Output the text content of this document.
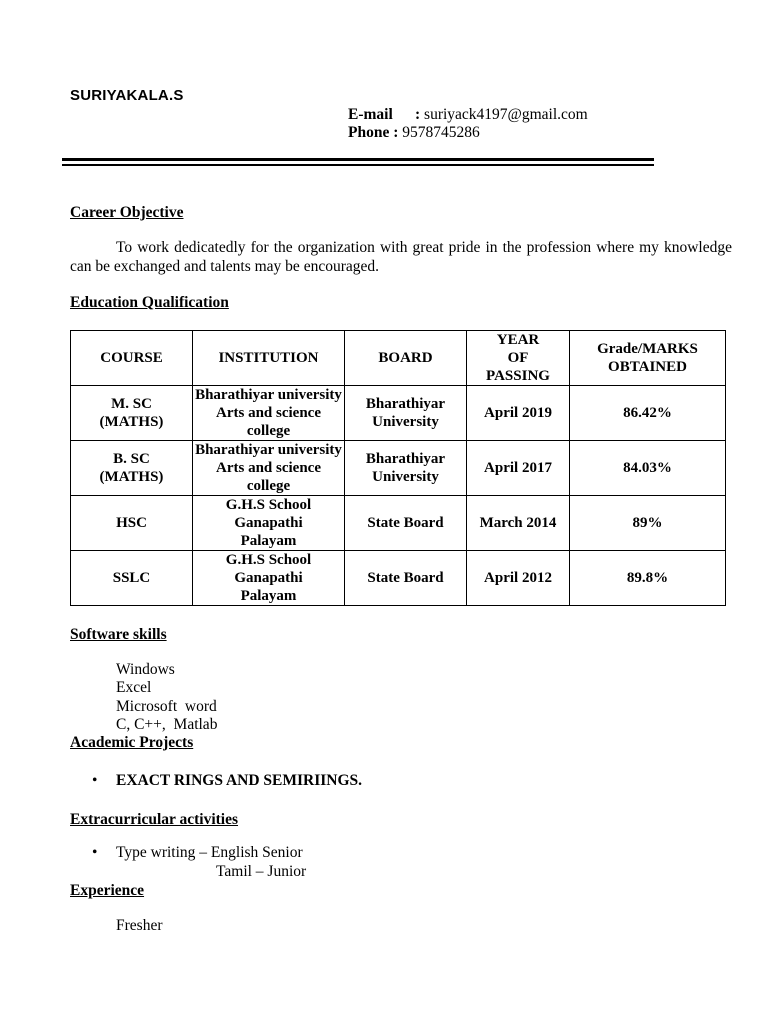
SURIYAKALA.S
E-mail : suriyack4197@gmail.com
Phone : 9578745286
Career Objective
To work dedicatedly for the organization with great pride in the profession where my knowledge can be exchanged and talents may be encouraged.
Education Qualification
COURSE	INSTITUTION	BOARD	YEAR OF PASSING	Grade/MARKS OBTAINED
M. SC (MATHS)	Bharathiyar university Arts and science college	Bharathiyar University	April 2019	86.42%
B. SC (MATHS)	Bharathiyar university Arts and science college	Bharathiyar University	April 2017	84.03%
HSC	G.H.S School Ganapathi Palayam	State Board	March 2014	89%
SSLC	G.H.S School Ganapathi Palayam	State Board	April 2012	89.8%
Software skills
Windows
Excel
Microsoft  word
C, C++,  Matlab
Academic Projects
• EXACT RINGS AND SEMIRIINGS.
Extracurricular activities
• Type writing – English Senior
Tamil – Junior
Experience
Fresher
